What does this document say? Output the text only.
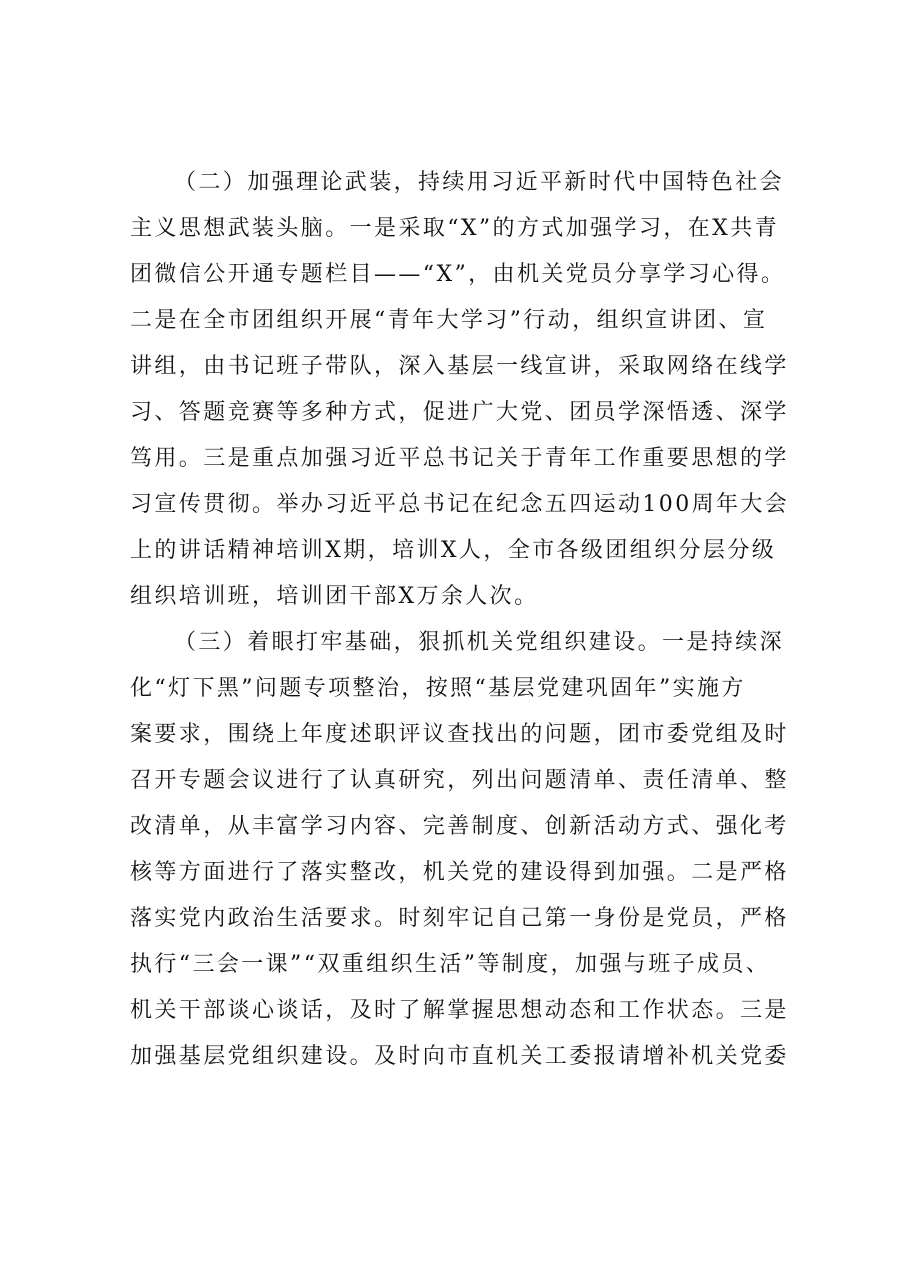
（二）加强理论武装，持续用习近平新时代中国特色社会
主义思想武装头脑。一是采取“X”的方式加强学习，在X共青
团微信公开通专题栏目——“X”，由机关党员分享学习心得。
二是在全市团组织开展“青年大学习”行动，组织宣讲团、宣
讲组，由书记班子带队，深入基层一线宣讲，采取网络在线学
习、答题竞赛等多种方式，促进广大党、团员学深悟透、深学
笃用。三是重点加强习近平总书记关于青年工作重要思想的学
习宣传贯彻。举办习近平总书记在纪念五四运动100周年大会
上的讲话精神培训X期，培训X人，全市各级团组织分层分级
组织培训班，培训团干部X万余人次。
（三）着眼打牢基础，狠抓机关党组织建设。一是持续深
化“灯下黑”问题专项整治，按照“基层党建巩固年”实施方
案要求，围绕上年度述职评议查找出的问题，团市委党组及时
召开专题会议进行了认真研究，列出问题清单、责任清单、整
改清单，从丰富学习内容、完善制度、创新活动方式、强化考
核等方面进行了落实整改，机关党的建设得到加强。二是严格
落实党内政治生活要求。时刻牢记自己第一身份是党员，严格
执行“三会一课”“双重组织生活”等制度，加强与班子成员、
机关干部谈心谈话，及时了解掌握思想动态和工作状态。三是
加强基层党组织建设。及时向市直机关工委报请增补机关党委
